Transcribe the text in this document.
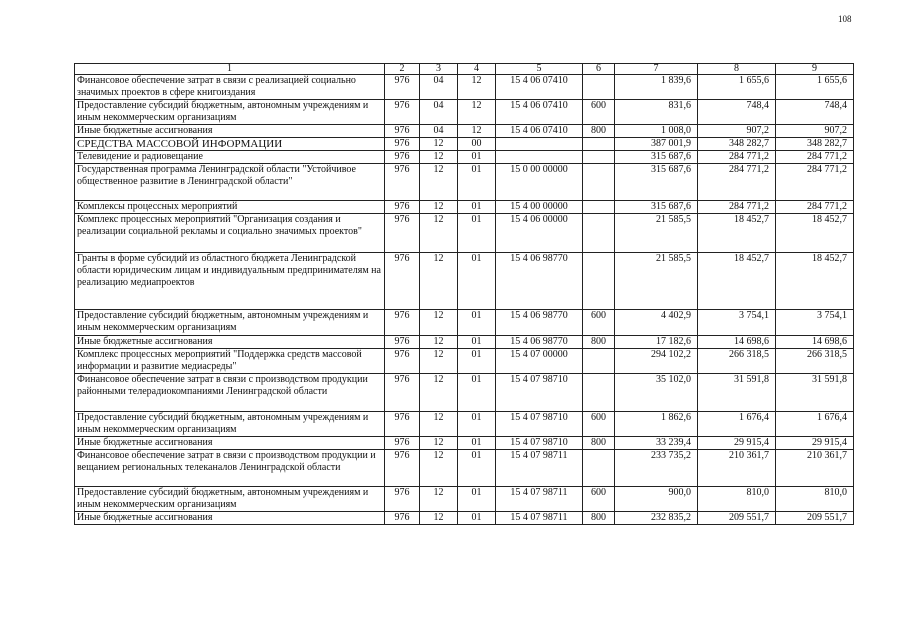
108
1	2	3	4	5	6	7	8	9
Финансовое обеспечение затрат в связи с реализацией социально значимых проектов в сфере книгоиздания	976	04	12	15 4 06 07410		1 839,6	1 655,6	1 655,6
Предоставление субсидий бюджетным, автономным учреждениям и иным некоммерческим организациям	976	04	12	15 4 06 07410	600	831,6	748,4	748,4
Иные бюджетные ассигнования	976	04	12	15 4 06 07410	800	1 008,0	907,2	907,2
СРЕДСТВА МАССОВОЙ ИНФОРМАЦИИ	976	12	00			387 001,9	348 282,7	348 282,7
Телевидение и радиовещание	976	12	01			315 687,6	284 771,2	284 771,2
Государственная программа Ленинградской области "Устойчивое общественное развитие в Ленинградской области"	976	12	01	15 0 00 00000		315 687,6	284 771,2	284 771,2
Комплексы процессных мероприятий	976	12	01	15 4 00 00000		315 687,6	284 771,2	284 771,2
Комплекс процессных мероприятий "Организация создания и реализации социальной рекламы и социально значимых проектов"	976	12	01	15 4 06 00000		21 585,5	18 452,7	18 452,7
Гранты в форме субсидий из областного бюджета Ленинградской области юридическим лицам и индивидуальным предпринимателям на реализацию медиапроектов	976	12	01	15 4 06 98770		21 585,5	18 452,7	18 452,7
Предоставление субсидий бюджетным, автономным учреждениям и иным некоммерческим организациям	976	12	01	15 4 06 98770	600	4 402,9	3 754,1	3 754,1
Иные бюджетные ассигнования	976	12	01	15 4 06 98770	800	17 182,6	14 698,6	14 698,6
Комплекс процессных мероприятий "Поддержка средств массовой информации и развитие медиасреды"	976	12	01	15 4 07 00000		294 102,2	266 318,5	266 318,5
Финансовое обеспечение затрат в связи с производством продукции районными телерадиокомпаниями Ленинградской области	976	12	01	15 4 07 98710		35 102,0	31 591,8	31 591,8
Предоставление субсидий бюджетным, автономным учреждениям и иным некоммерческим организациям	976	12	01	15 4 07 98710	600	1 862,6	1 676,4	1 676,4
Иные бюджетные ассигнования	976	12	01	15 4 07 98710	800	33 239,4	29 915,4	29 915,4
Финансовое обеспечение затрат в связи с производством продукции и вещанием региональных телеканалов Ленинградской области	976	12	01	15 4 07 98711		233 735,2	210 361,7	210 361,7
Предоставление субсидий бюджетным, автономным учреждениям и иным некоммерческим организациям	976	12	01	15 4 07 98711	600	900,0	810,0	810,0
Иные бюджетные ассигнования	976	12	01	15 4 07 98711	800	232 835,2	209 551,7	209 551,7
